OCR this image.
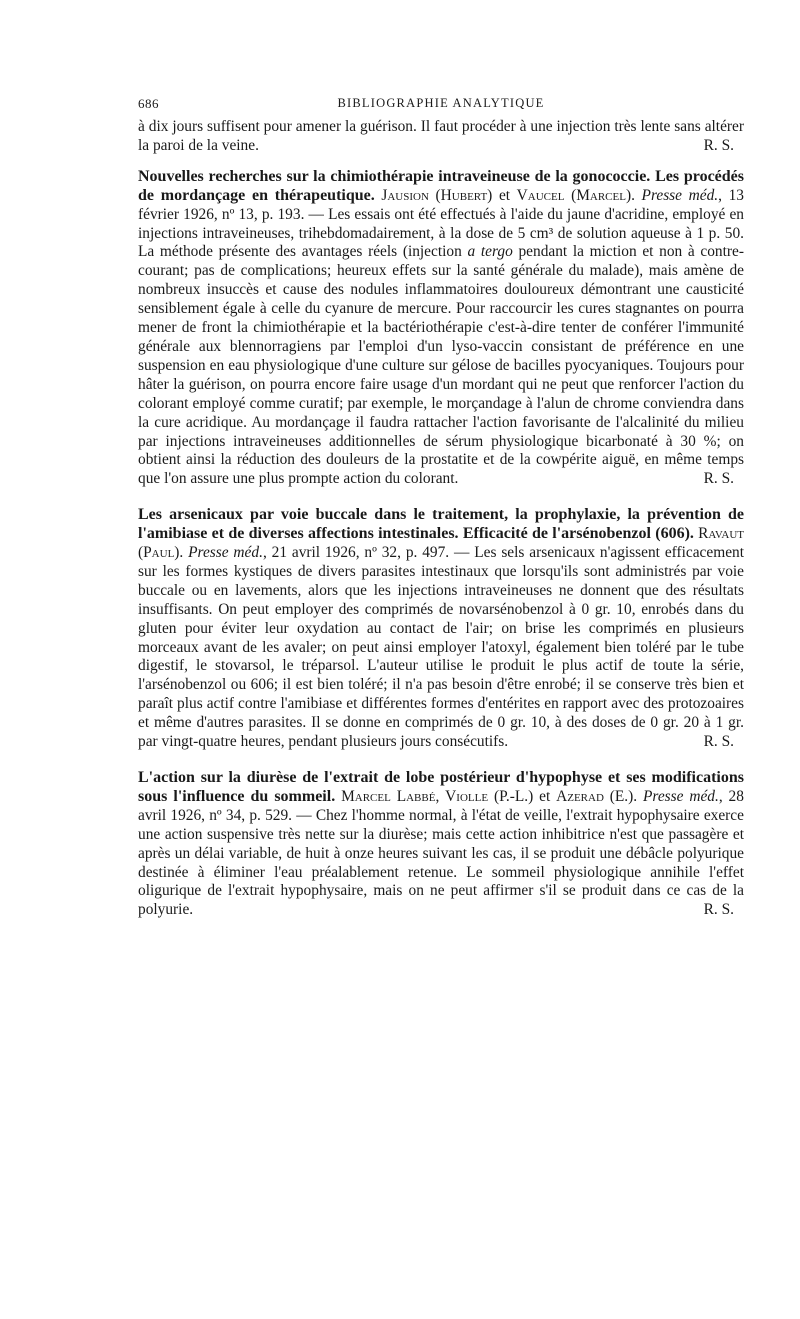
686	BIBLIOGRAPHIE ANALYTIQUE

à dix jours suffisent pour amener la guérison. Il faut procéder à une injection très lente sans altérer la paroi de la veine.	R. S.

Nouvelles recherches sur la chimiothérapie intraveineuse de la gonococcie. Les procédés de mordançage en thérapeutique. Jausion (Hubert) et Vaucel (Marcel). Presse méd., 13 février 1926, nº 13, p. 193. — Les essais ont été effectués à l'aide du jaune d'acridine, employé en injections intraveineuses, trihebdomadairement, à la dose de 5 cm³ de solution aqueuse à 1 p. 50. La méthode présente des avantages réels (injection a tergo pendant la miction et non à contre-courant; pas de complications; heureux effets sur la santé générale du malade), mais amène de nombreux insuccès et cause des nodules inflammatoires douloureux démontrant une causticité sensiblement égale à celle du cyanure de mercure. Pour raccourcir les cures stagnantes on pourra mener de front la chimiothérapie et la bactériothérapie c'est-à-dire tenter de conférer l'immunité générale aux blennorragiens par l'emploi d'un lyso-vaccin consistant de préférence en une suspension en eau physiologique d'une culture sur gélose de bacilles pyocyaniques. Toujours pour hâter la guérison, on pourra encore faire usage d'un mordant qui ne peut que renforcer l'action du colorant employé comme curatif; par exemple, le morçandage à l'alun de chrome conviendra dans la cure acridique. Au mordançage il faudra rattacher l'action favorisante de l'alcalinité du milieu par injections intraveineuses additionnelles de sérum physiologique bicarbonaté à 30 %; on obtient ainsi la réduction des douleurs de la prostatite et de la cowpérite aiguë, en même temps que l'on assure une plus prompte action du colorant.	R. S.

Les arsenicaux par voie buccale dans le traitement, la prophylaxie, la prévention de l'amibiase et de diverses affections intestinales. Efficacité de l'arsénobenzol (606). Ravaut (Paul). Presse méd., 21 avril 1926, nº 32, p. 497. — Les sels arsenicaux n'agissent efficacement sur les formes kystiques de divers parasites intestinaux que lorsqu'ils sont administrés par voie buccale ou en lavements, alors que les injections intraveineuses ne donnent que des résultats insuffisants. On peut employer des comprimés de novarsénobenzol à 0 gr. 10, enrobés dans du gluten pour éviter leur oxydation au contact de l'air; on brise les comprimés en plusieurs morceaux avant de les avaler; on peut ainsi employer l'atoxyl, également bien toléré par le tube digestif, le stovarsol, le tréparsol. L'auteur utilise le produit le plus actif de toute la série, l'arsénobenzol ou 606; il est bien toléré; il n'a pas besoin d'être enrobé; il se conserve très bien et paraît plus actif contre l'amibiase et différentes formes d'entérites en rapport avec des protozoaires et même d'autres parasites. Il se donne en comprimés de 0 gr. 10, à des doses de 0 gr. 20 à 1 gr. par vingt-quatre heures, pendant plusieurs jours consécutifs.	R. S.

L'action sur la diurèse de l'extrait de lobe postérieur d'hypophyse et ses modifications sous l'influence du sommeil. Marcel Labbé, Violle (P.-L.) et Azerad (E.). Presse méd., 28 avril 1926, nº 34, p. 529. — Chez l'homme normal, à l'état de veille, l'extrait hypophysaire exerce une action suspensive très nette sur la diurèse; mais cette action inhibitrice n'est que passagère et après un délai variable, de huit à onze heures suivant les cas, il se produit une débâcle polyurique destinée à éliminer l'eau préalablement retenue. Le sommeil physiologique annihile l'effet oligurique de l'extrait hypophysaire, mais on ne peut affirmer s'il se produit dans ce cas de la polyurie.	R. S.
